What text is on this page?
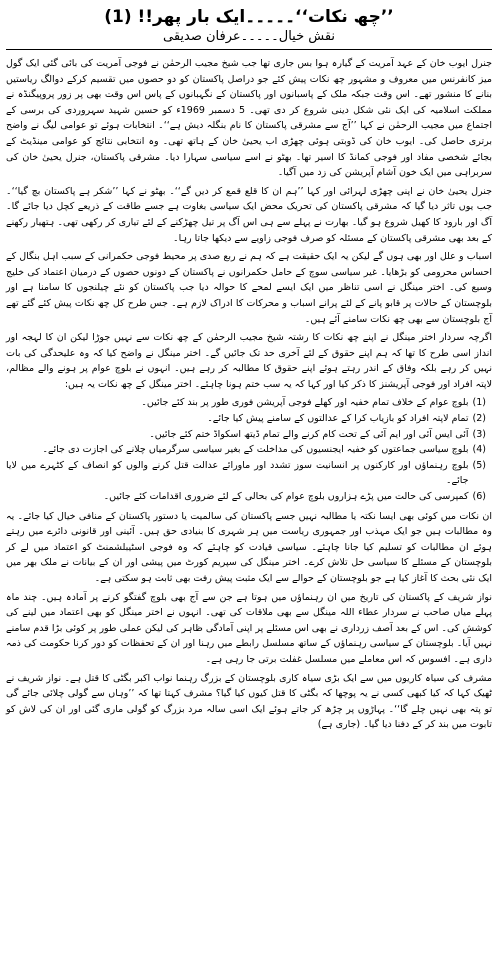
’’چھ نکات‘‘۔۔۔۔۔ایک بار پھر!! (1)
نقش خیال۔۔۔۔۔عرفان صدیقی

جنرل ایوب خان کے عہد آمریت کے گیارہ ہوا بس جاری تھا جب شیخ مجیب الرحمٰن نے فوجی آمریت کی بائی گئی ایک گول میز کانفرنس میں معروف و مشہور چھ نکات پیش کئے جو دراصل پاکستان کو دو حصوں میں تقسیم کرکے دوالگ ریاستیں بنانے کا منشور تھے۔ اس وقت جبکہ ملک کے پاسبانوں اور پاکستان کے نگہبانوں کے پاس اس وقت بھی پر زور پروپیگنڈہ نے مملکت اسلامیہ کی ایک نئی شکل دینی شروع کر دی تھی۔ 5 دسمبر 1969ء کو حسین شہید سہروردی کی برسی کے اجتماع میں مجیب الرحمٰن نے کہا ’’آج سے مشرقی پاکستان کا نام بنگلہ دیش ہے‘‘۔ انتخابات ہوئے تو عوامی لیگ نے واضح برتری حاصل کی۔ ایوب خان کی ڈوبتی ہوئی چھڑی اب یحییٰ خان کے ہاتھ تھی۔ وہ انتخابی نتائج کو عوامی مینڈیٹ کے بجائے شخصی مفاد اور فوجی کمانڈ کا اسیر تھا۔ بھٹو نے اسے سیاسی سہارا دیا۔ مشرقی پاکستان، جنرل یحییٰ خان کی سربراہی میں ایک خون آشام آپریشن کی زد میں آگیا۔

جنرل یحییٰ خان نے اپنی چھڑی لہرائی اور کہا ’’ہم ان کا قلع قمع کر دیں گے‘‘۔ بھٹو نے کہا ’’شکر ہے پاکستان بچ گیا‘‘۔ جب یوں تاثر دیا گیا کہ مشرقی پاکستان کی تحریک محض ایک سیاسی بغاوت ہے جسے طاقت کے ذریعے کچل دیا جائے گا۔ آگ اور بارود کا کھیل شروع ہو گیا۔ بھارت نے پہلے سے ہی اس آگ پر تیل چھڑکنے کے لئے تیاری کر رکھی تھی۔ ہتھیار رکھنے کے بعد بھی مشرقی پاکستان کے مسئلہ کو صرف فوجی زاویے سے دیکھا جاتا رہا۔

اسباب و علل اور بھی ہوں گے لیکن یہ ایک حقیقت ہے کہ ہم نے ربع صدی پر محیط فوجی حکمرانی کے سبب اہل بنگال کے احساس محرومی کو بڑھایا۔ غیر سیاسی سوچ کے حامل حکمرانوں نے پاکستان کے دونوں حصوں کے درمیان اعتماد کی خلیج وسیع کی۔ اختر مینگل نے اسی تناظر میں ایک ایسے لمحے کا حوالہ دیا جب پاکستان کو نئے چیلنجوں کا سامنا ہے اور بلوچستان کے حالات پر قابو پانے کے لئے پرانے اسباب و محرکات کا ادراک لازم ہے۔ جس طرح کل چھ نکات پیش کئے گئے تھے آج بلوچستان سے بھی چھ نکات سامنے آئے ہیں۔

اگرچہ سردار اختر مینگل نے اپنے چھ نکات کا رشتہ شیخ مجیب الرحمٰن کے چھ نکات سے نہیں جوڑا لیکن ان کا لہجہ اور انداز اسی طرح کا تھا کہ ہم اپنے حقوق کے لئے آخری حد تک جائیں گے۔ اختر مینگل نے واضح کیا کہ وہ علیحدگی کی بات نہیں کر رہے بلکہ وفاق کے اندر رہتے ہوئے اپنے حقوق کا مطالبہ کر رہے ہیں۔ انہوں نے بلوچ عوام پر ہونے والے مظالم، لاپتہ افراد اور فوجی آپریشنز کا ذکر کیا اور کہا کہ یہ سب ختم ہونا چاہئے۔ اختر مینگل کے چھ نکات یہ ہیں:

(1)
بلوچ عوام کے خلاف تمام خفیہ اور کھلے فوجی آپریشن فوری طور پر بند کئے جائیں۔
(2)
تمام لاپتہ افراد کو بازیاب کرا کے عدالتوں کے سامنے پیش کیا جائے۔
(3)
آئی ایس آئی اور ایم آئی کے تحت کام کرنے والے تمام ڈیتھ اسکواڈ ختم کئے جائیں۔
(4)
بلوچ سیاسی جماعتوں کو خفیہ ایجنسیوں کی مداخلت کے بغیر سیاسی سرگرمیاں چلانے کی اجازت دی جائے۔
(5)
بلوچ رہنماؤں اور کارکنوں پر انسانیت سوز تشدد اور ماورائے عدالت قتل کرنے والوں کو انصاف کے کٹہرے میں لایا جائے۔
(6)
کمپرسی کی حالت میں پڑے ہزاروں بلوچ عوام کی بحالی کے لئے ضروری اقدامات کئے جائیں۔

ان نکات میں کوئی بھی ایسا نکتہ یا مطالبہ نہیں جسے پاکستان کی سالمیت یا دستور پاکستان کے منافی خیال کیا جائے۔ یہ وہ مطالبات ہیں جو ایک مہذب اور جمہوری ریاست میں ہر شہری کا بنیادی حق ہیں۔ آئینی اور قانونی دائرے میں رہتے ہوئے ان مطالبات کو تسلیم کیا جانا چاہئے۔ سیاسی قیادت کو چاہئے کہ وہ فوجی اسٹیبلشمنٹ کو اعتماد میں لے کر بلوچستان کے مسئلے کا سیاسی حل تلاش کرے۔ اختر مینگل کی سپریم کورٹ میں پیشی اور ان کے بیانات نے ملک بھر میں ایک نئی بحث کا آغاز کیا ہے جو بلوچستان کے حوالے سے ایک مثبت پیش رفت بھی ثابت ہو سکتی ہے۔

نواز شریف کے پاکستان کی تاریخ میں ان رہنماؤں میں ہوتا ہے جن سے آج بھی بلوچ گفتگو کرنے پر آمادہ ہیں۔ چند ماہ پہلے میاں صاحب نے سردار عطاء اللہ مینگل سے بھی ملاقات کی تھی۔ انہوں نے اختر مینگل کو بھی اعتماد میں لینے کی کوشش کی۔ اس کے بعد آصف زرداری نے بھی اس مسئلے پر اپنی آمادگی ظاہر کی لیکن عملی طور پر کوئی بڑا قدم سامنے نہیں آیا۔ بلوچستان کے سیاسی رہنماؤں کے ساتھ مسلسل رابطے میں رہنا اور ان کے تحفظات کو دور کرنا حکومت کی ذمہ داری ہے۔ افسوس کہ اس معاملے میں مسلسل غفلت برتی جا رہی ہے۔

مشرف کی سیاہ کاریوں میں سے ایک بڑی سیاہ کاری بلوچستان کے بزرگ رہنما نواب اکبر بگٹی کا قتل ہے۔ نواز شریف نے ٹھیک کہا کہ کیا کبھی کسی نے یہ پوچھا کہ بگٹی کا قتل کیوں کیا گیا؟ مشرف کہتا تھا کہ ’’وہاں سے گولی چلائی جائے گی تو پتہ بھی نہیں چلے گا‘‘۔ پہاڑوں پر چڑھ کر جاتے ہوئے ایک اسی سالہ مرد بزرگ کو گولی ماری گئی اور ان کی لاش کو تابوت میں بند کر کے دفنا دیا گیا۔ (جاری ہے)
